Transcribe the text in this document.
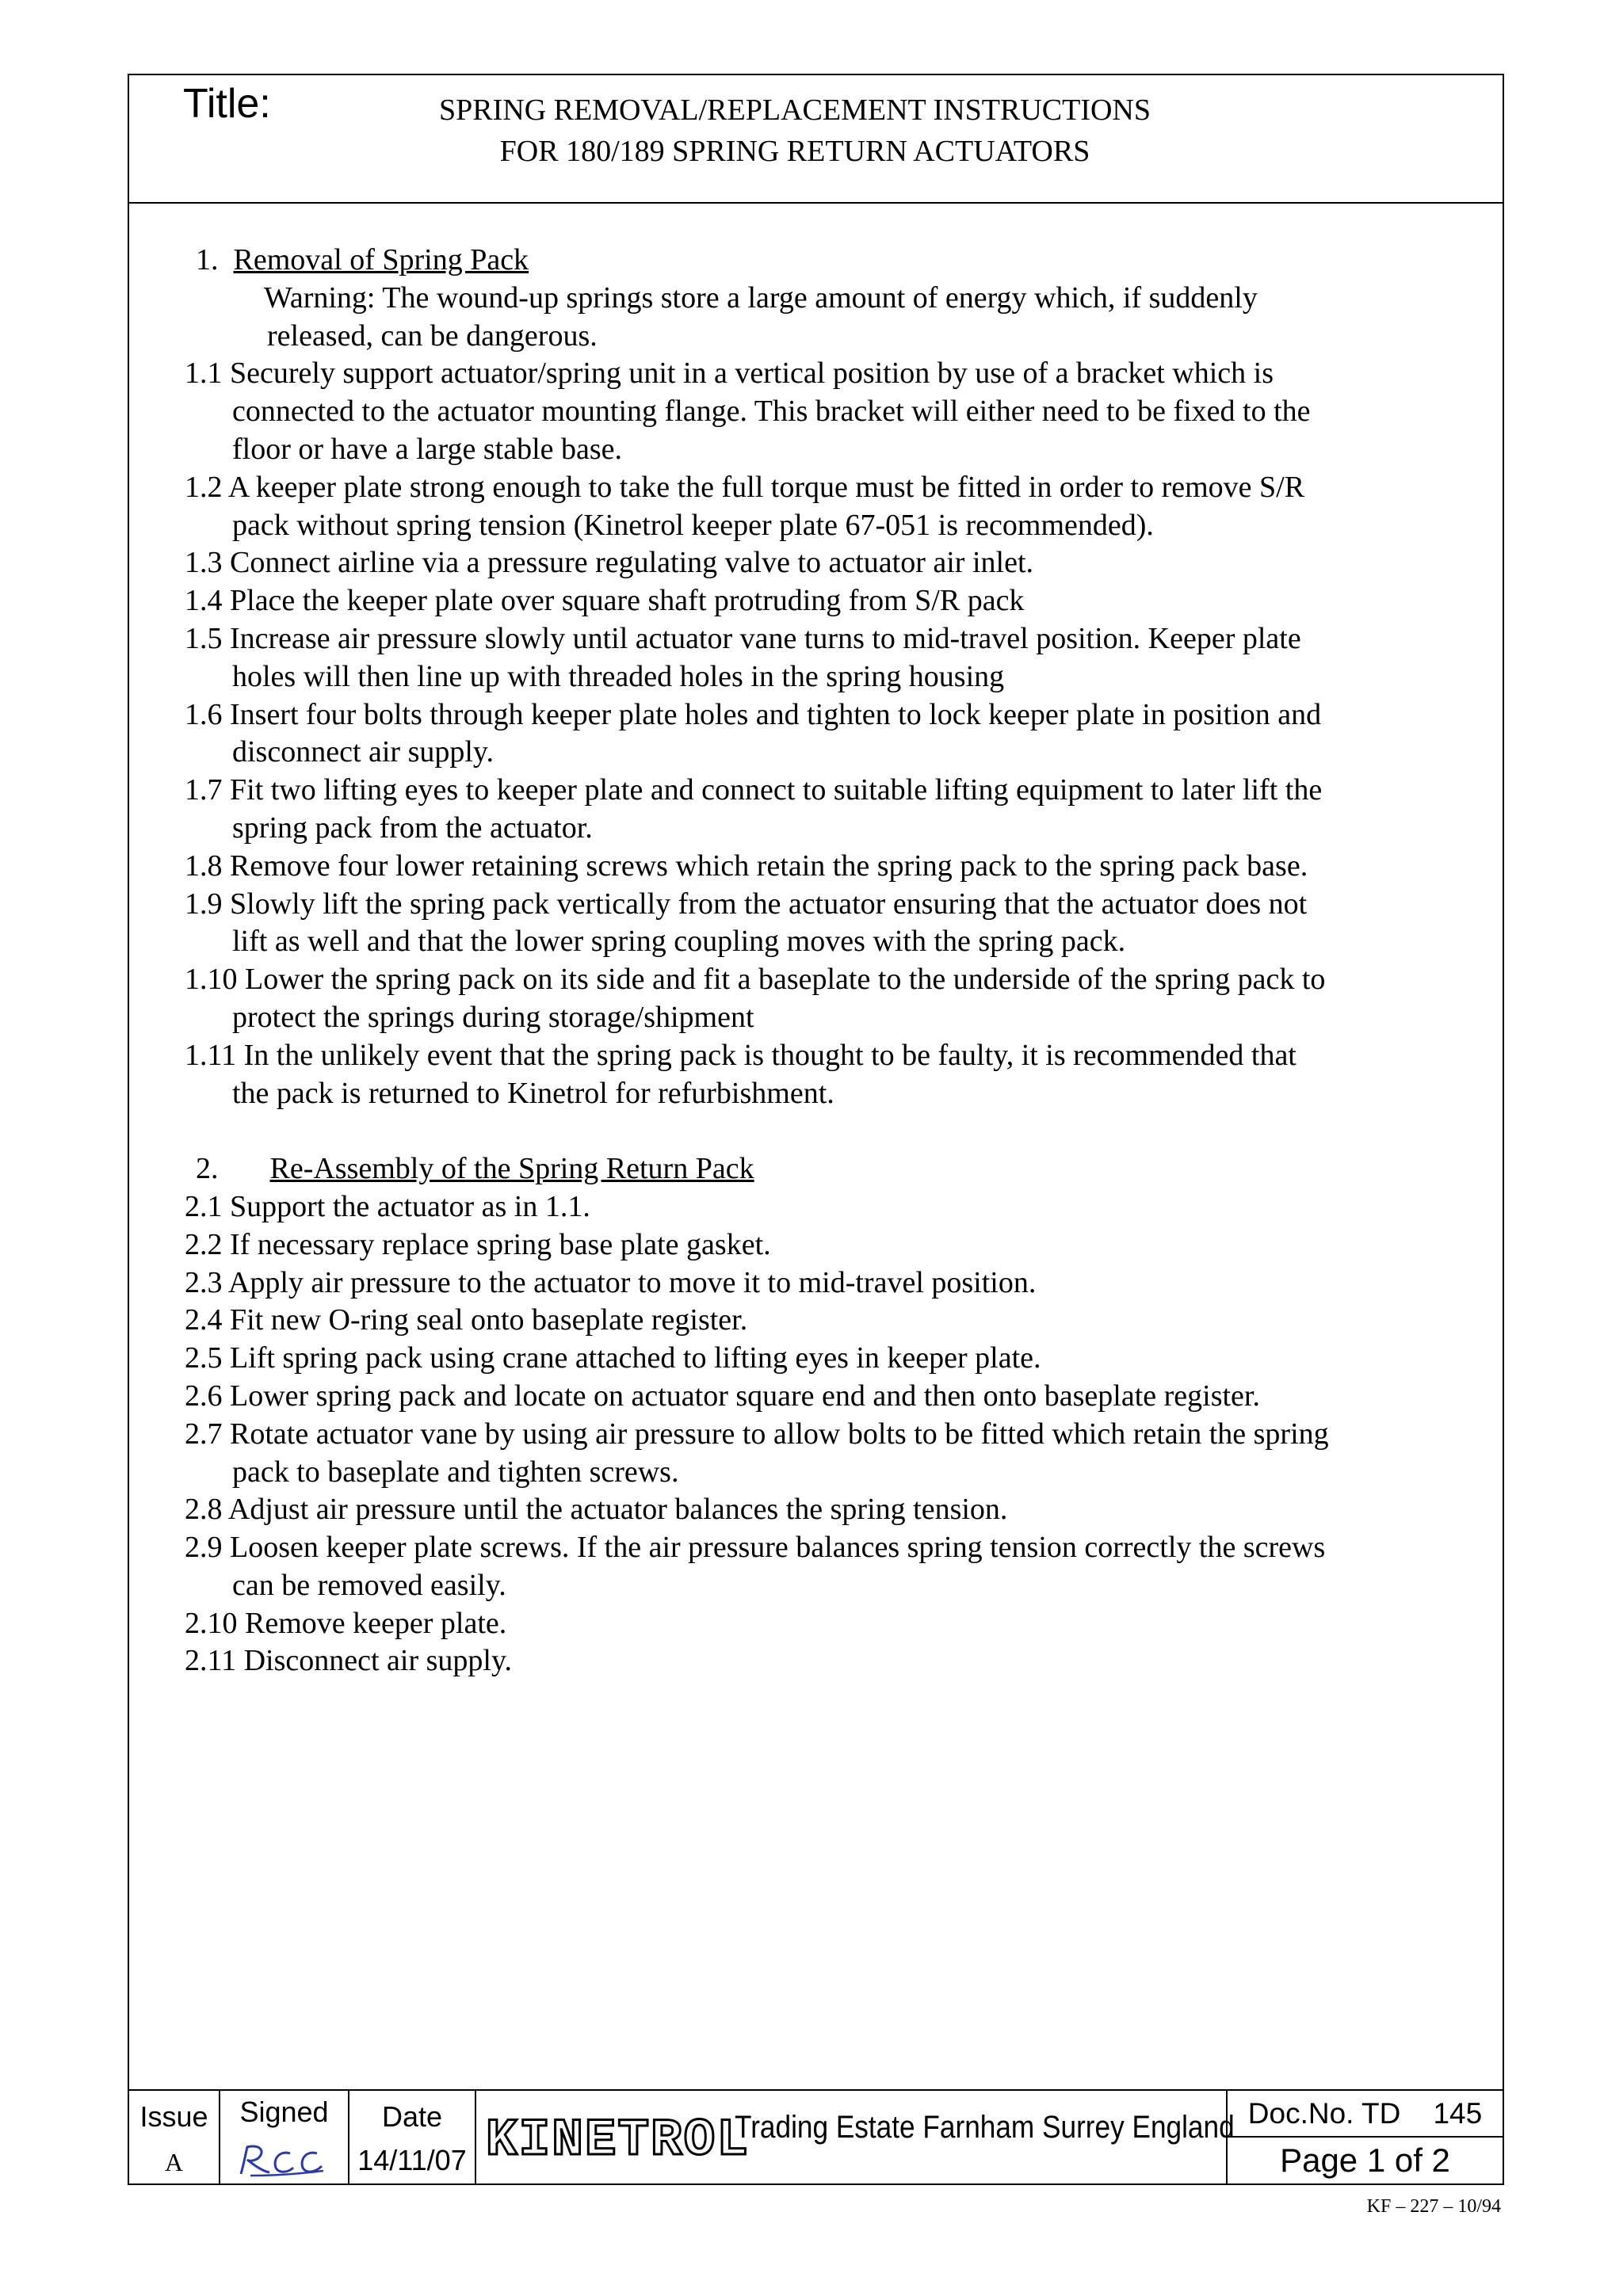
Title:	SPRING REMOVAL/REPLACEMENT INSTRUCTIONS
FOR 180/189 SPRING RETURN ACTUATORS

1. Removal of Spring Pack

Warning: The wound-up springs store a large amount of energy which, if suddenly

released, can be dangerous.

1.1 Securely support actuator/spring unit in a vertical position by use of a bracket which is

connected to the actuator mounting flange. This bracket will either need to be fixed to the

floor or have a large stable base.

1.2 A keeper plate strong enough to take the full torque must be fitted in order to remove S/R

pack without spring tension (Kinetrol keeper plate 67-051 is recommended).

1.3 Connect airline via a pressure regulating valve to actuator air inlet.

1.4 Place the keeper plate over square shaft protruding from S/R pack

1.5 Increase air pressure slowly until actuator vane turns to mid-travel position. Keeper plate

holes will then line up with threaded holes in the spring housing

1.6 Insert four bolts through keeper plate holes and tighten to lock keeper plate in position and

disconnect air supply.

1.7 Fit two lifting eyes to keeper plate and connect to suitable lifting equipment to later lift the

spring pack from the actuator.

1.8 Remove four lower retaining screws which retain the spring pack to the spring pack base.

1.9 Slowly lift the spring pack vertically from the actuator ensuring that the actuator does not

lift as well and that the lower spring coupling moves with the spring pack.

1.10 Lower the spring pack on its side and fit a baseplate to the underside of the spring pack to

protect the springs during storage/shipment

1.11 In the unlikely event that the spring pack is thought to be faulty, it is recommended that

the pack is returned to Kinetrol for refurbishment.

2. Re-Assembly of the Spring Return Pack

2.1 Support the actuator as in 1.1.

2.2 If necessary replace spring base plate gasket.

2.3 Apply air pressure to the actuator to move it to mid-travel position.

2.4 Fit new O-ring seal onto baseplate register.

2.5 Lift spring pack using crane attached to lifting eyes in keeper plate.

2.6 Lower spring pack and locate on actuator square end and then onto baseplate register.

2.7 Rotate actuator vane by using air pressure to allow bolts to be fitted which retain the spring

pack to baseplate and tighten screws.

2.8 Adjust air pressure until the actuator balances the spring tension.

2.9 Loosen keeper plate screws. If the air pressure balances spring tension correctly the screws

can be removed easily.

2.10 Remove keeper plate.

2.11 Disconnect air supply.

Issue
A
Signed	Date
14/11/07 KINETROL
Trading Estate Farnham Surrey England Doc.No. TD    145
Page 1 of 2
KF – 227 – 10/94
